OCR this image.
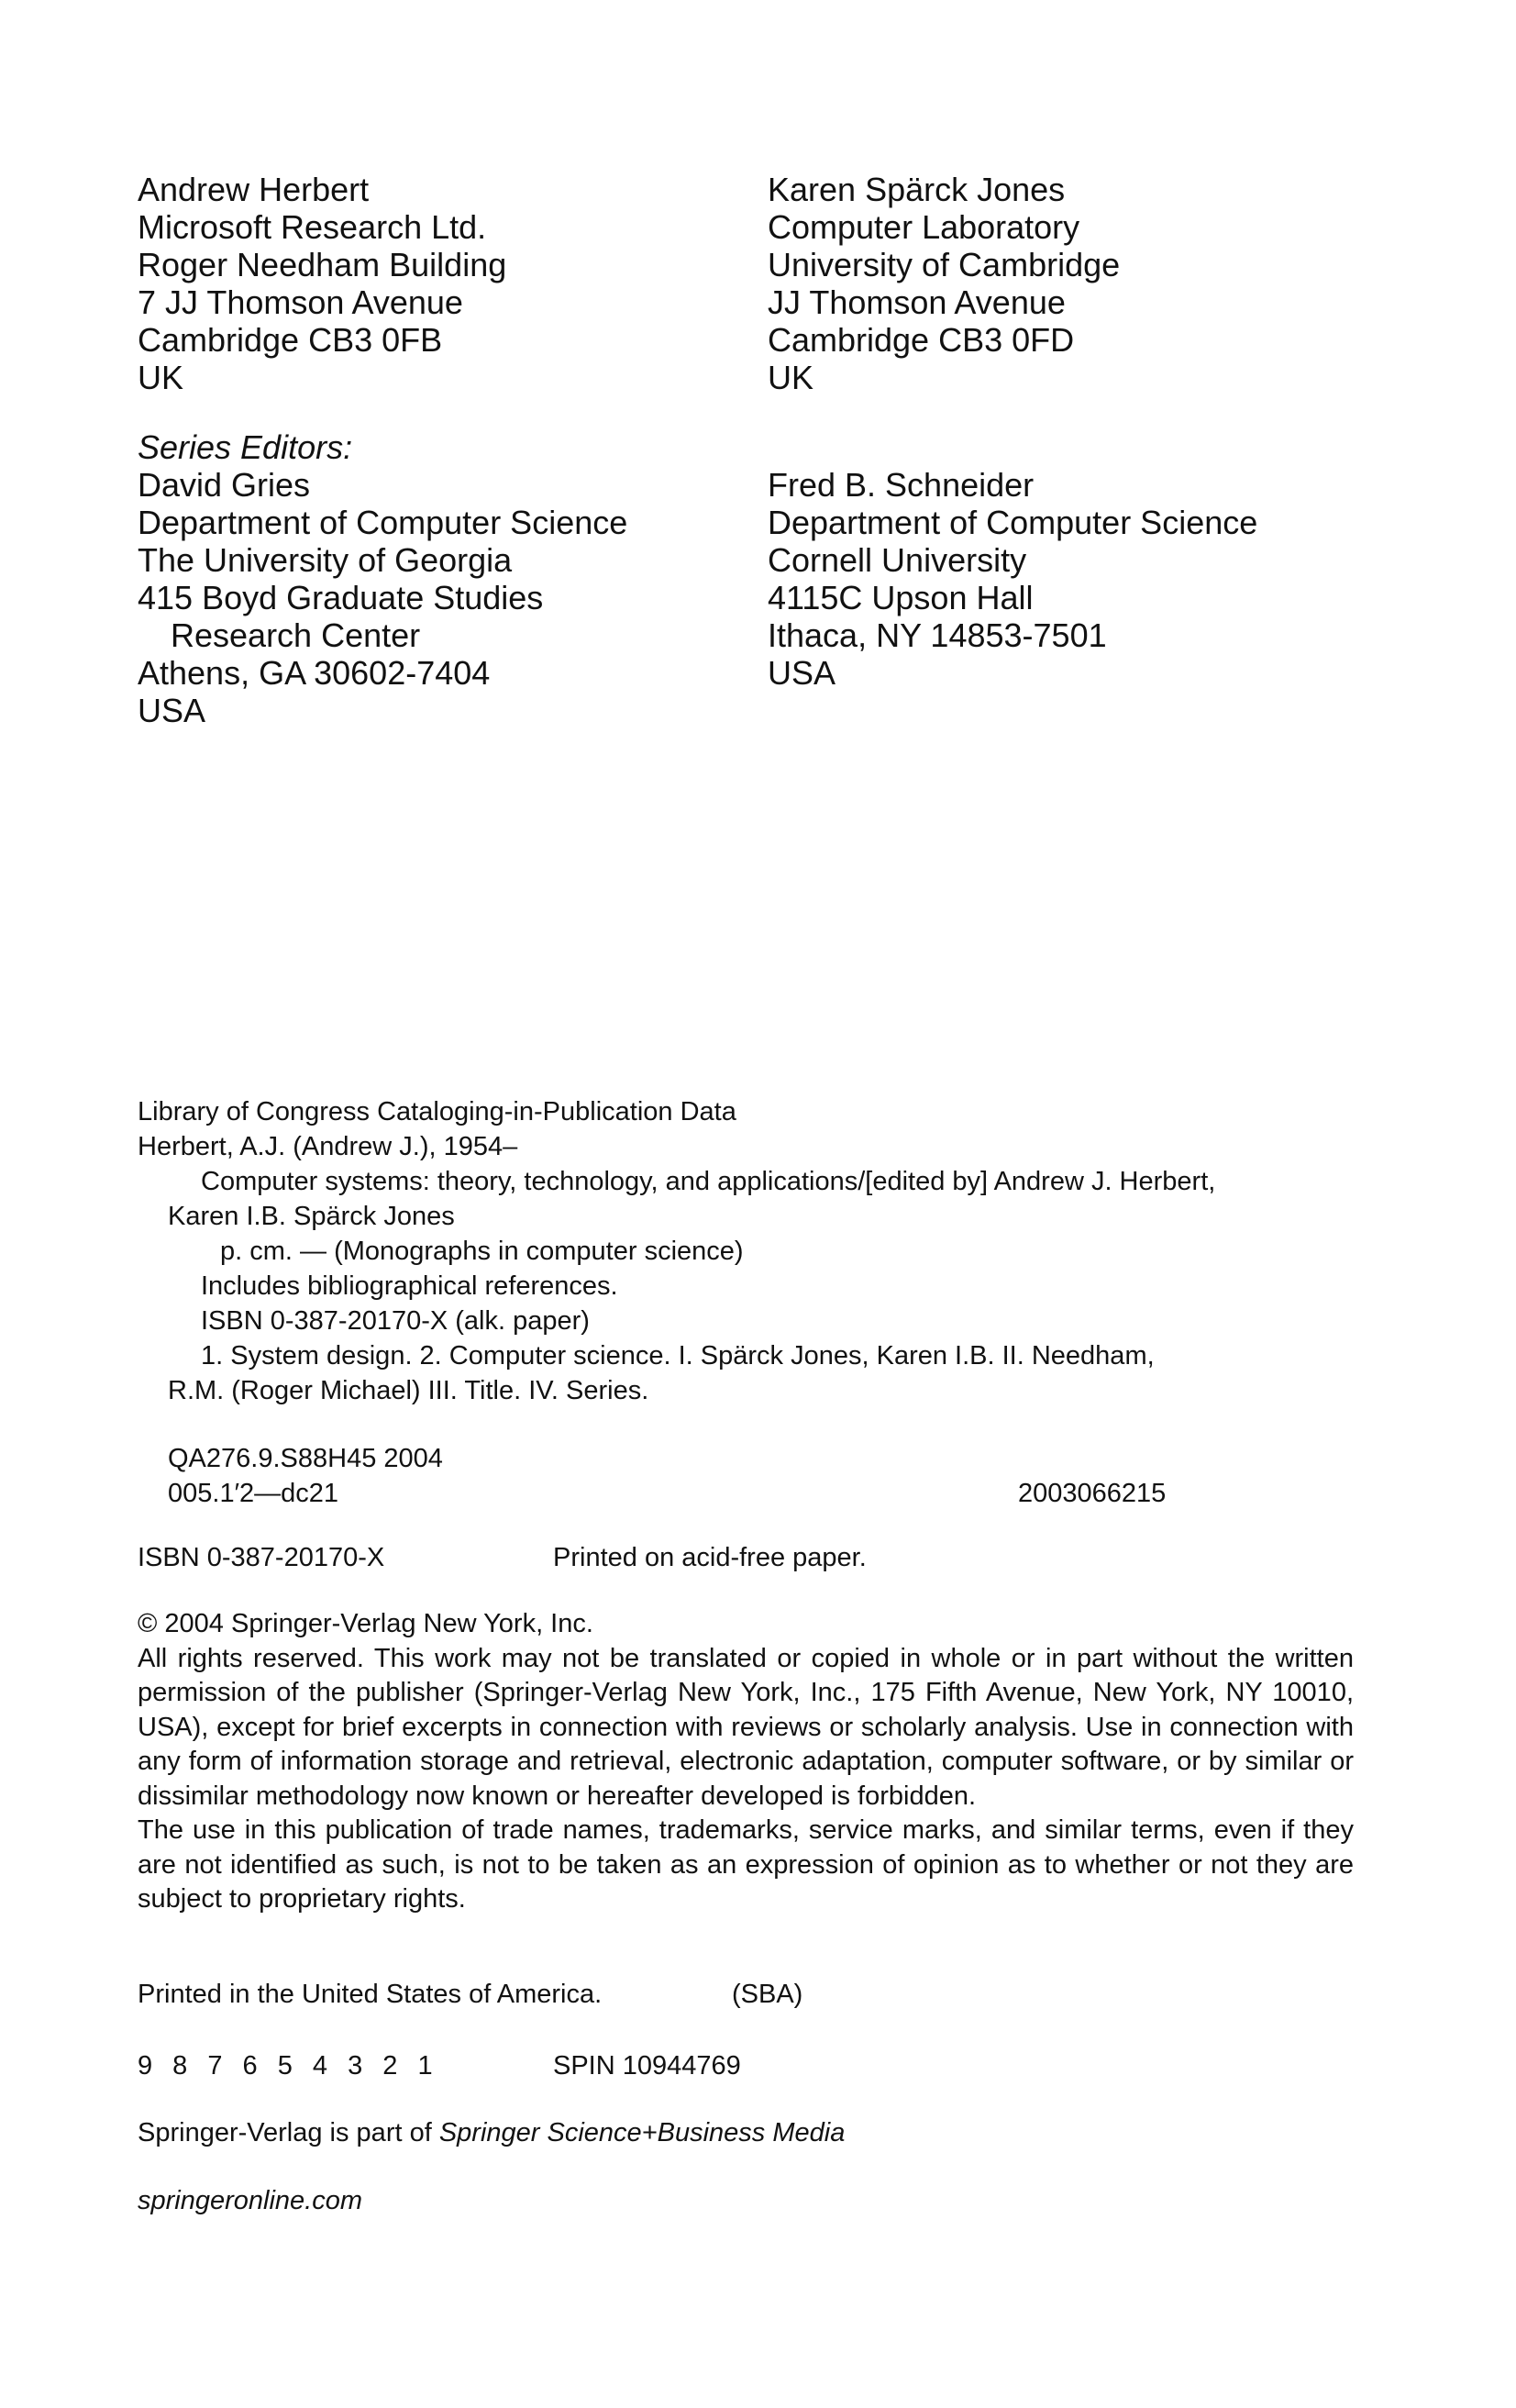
Andrew Herbert
Microsoft Research Ltd.
Roger Needham Building
7 JJ Thomson Avenue
Cambridge CB3 0FB
UK
Karen Spärck Jones
Computer Laboratory
University of Cambridge
JJ Thomson Avenue
Cambridge CB3 0FD
UK
Series Editors:
David Gries
Department of Computer Science
The University of Georgia
415 Boyd Graduate Studies
Research Center
Athens, GA 30602-7404
USA
Fred B. Schneider
Department of Computer Science
Cornell University
4115C Upson Hall
Ithaca, NY 14853-7501
USA
Library of Congress Cataloging-in-Publication Data
Herbert, A.J. (Andrew J.), 1954–
Computer systems: theory, technology, and applications/[edited by] Andrew J. Herbert,
Karen I.B. Spärck Jones
p. cm. — (Monographs in computer science)
Includes bibliographical references.
ISBN 0-387-20170-X (alk. paper)
1. System design. 2. Computer science. I. Spärck Jones, Karen I.B. II. Needham,
R.M. (Roger Michael) III. Title. IV. Series.
QA276.9.S88H45 2004
005.1′2—dc21	2003066215
ISBN 0-387-20170-X	Printed on acid-free paper.

© 2004 Springer-Verlag New York, Inc.

All rights reserved. This work may not be translated or copied in whole or in part without the written permission of the publisher (Springer-Verlag New York, Inc., 175 Fifth Avenue, New York, NY 10010, USA), except for brief excerpts in connection with reviews or scholarly analysis. Use in connection with any form of information storage and retrieval, electronic adaptation, computer software, or by similar or dissimilar methodology now known or hereafter developed is forbidden.

The use in this publication of trade names, trademarks, service marks, and similar terms, even if they are not identified as such, is not to be taken as an expression of opinion as to whether or not they are subject to proprietary rights.

Printed in the United States of America.	(SBA)
9 8 7 6 5 4 3 2 1	SPIN 10944769
Springer-Verlag is part of Springer Science+Business Media
springeronline.com
